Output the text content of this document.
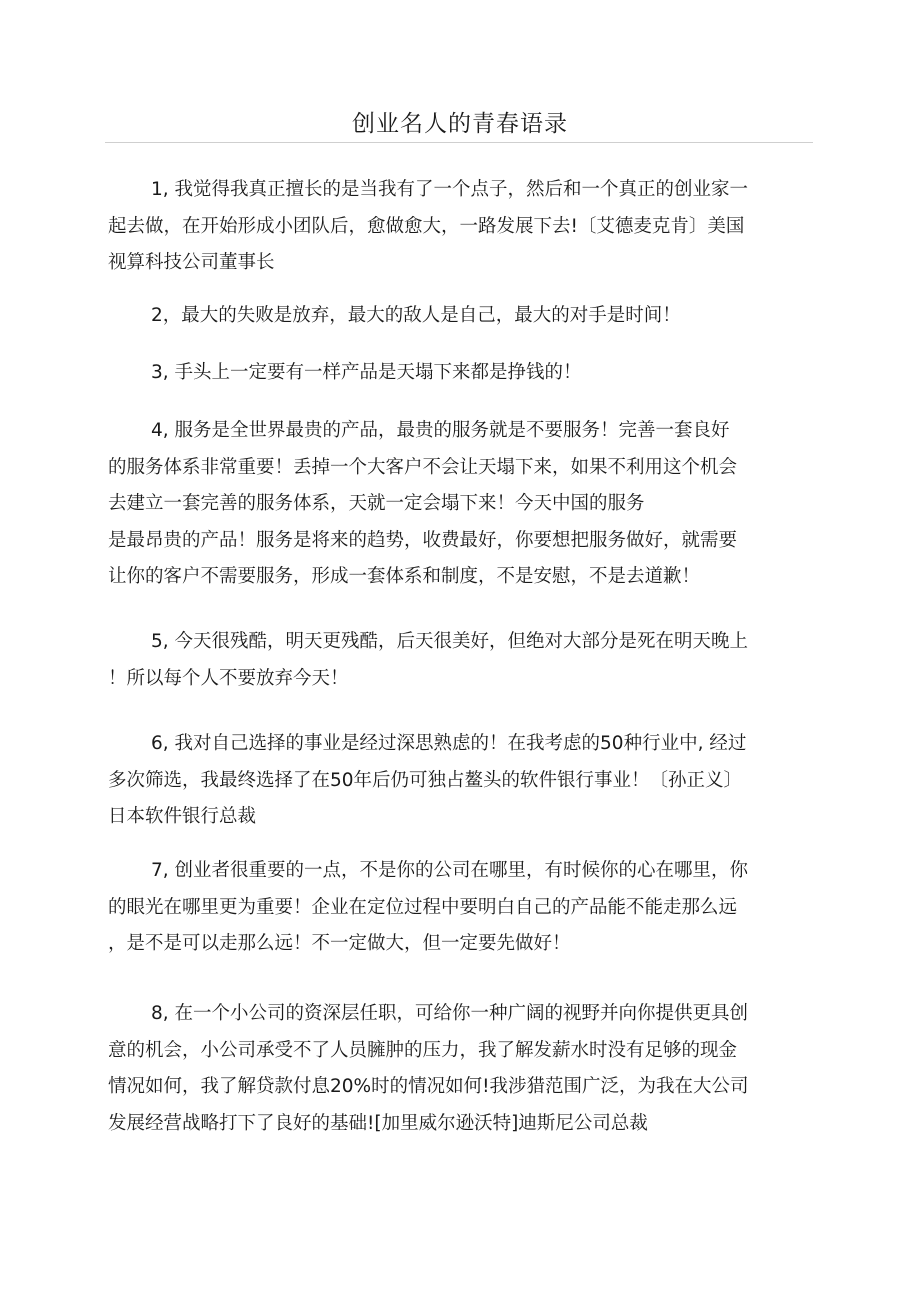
创业名人的青春语录

1, 我觉得我真正擅长的是当我有了一个点子，然后和一个真正的创业家一
起去做，在开始形成小团队后，愈做愈大，一路发展下去!〔艾德麦克肯〕美国
视算科技公司董事长

2，最大的失败是放弃，最大的敌人是自己，最大的对手是时间！

3, 手头上一定要有一样产品是天塌下来都是挣钱的！

4, 服务是全世界最贵的产品，最贵的服务就是不要服务！完善一套良好
的服务体系非常重要！丢掉一个大客户不会让天塌下来，如果不利用这个机会
去建立一套完善的服务体系，天就一定会塌下来！今天中国的服务
是最昂贵的产品！服务是将来的趋势，收费最好，你要想把服务做好，就需要
让你的客户不需要服务，形成一套体系和制度，不是安慰，不是去道歉！

5, 今天很残酷，明天更残酷，后天很美好，但绝对大部分是死在明天晚上
！所以每个人不要放弃今天！

6, 我对自己选择的事业是经过深思熟虑的！在我考虑的50种行业中, 经过
多次筛选，我最终选择了在50年后仍可独占鳌头的软件银行事业！〔孙正义〕
日本软件银行总裁

7, 创业者很重要的一点，不是你的公司在哪里，有时候你的心在哪里，你
的眼光在哪里更为重要！企业在定位过程中要明白自己的产品能不能走那么远
，是不是可以走那么远！不一定做大，但一定要先做好！

8, 在一个小公司的资深层任职，可给你一种广阔的视野并向你提供更具创
意的机会，小公司承受不了人员臃肿的压力，我了解发薪水时没有足够的现金
情况如何，我了解贷款付息20%时的情况如何!我涉猎范围广泛，为我在大公司
发展经营战略打下了良好的基础![加里威尔逊沃特]迪斯尼公司总裁
